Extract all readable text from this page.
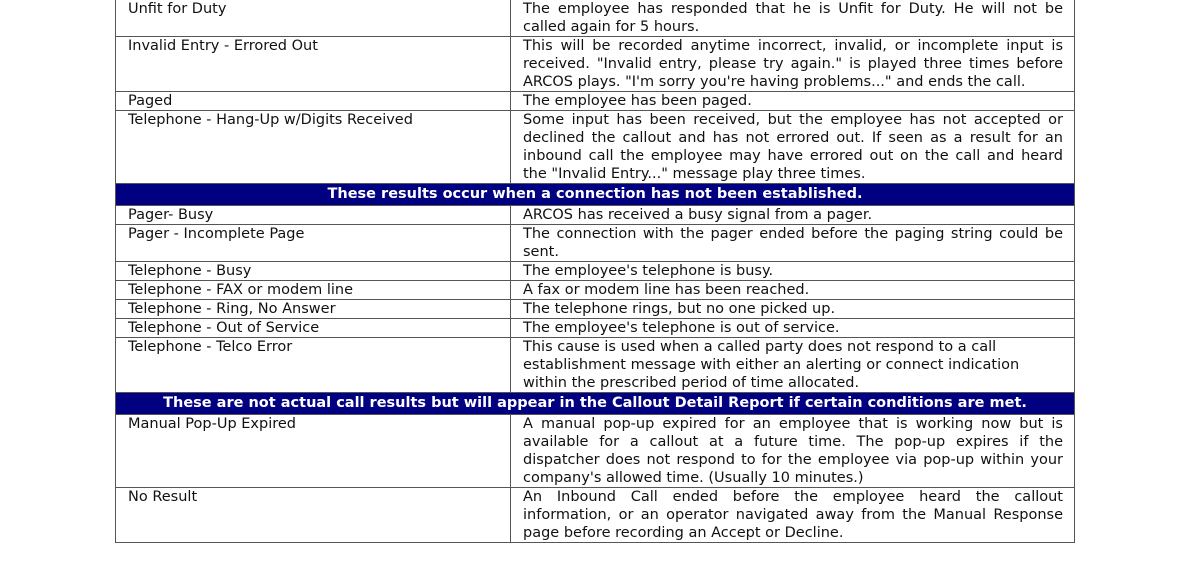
Unfit for Duty	The employee has responded that he is Unfit for Duty. He will not be called again for 5 hours.
Invalid Entry - Errored Out	This will be recorded anytime incorrect, invalid, or incomplete input is received. "Invalid entry, please try again." is played three times before ARCOS plays. "I'm sorry you're having problems..." and ends the call.
Paged	The employee has been paged.
Telephone - Hang-Up w/Digits Received	Some input has been received, but the employee has not accepted or declined the callout and has not errored out. If seen as a result for an inbound call the employee may have errored out on the call and heard the "Invalid Entry..." message play three times.
These results occur when a connection has not been established.	
Pager- Busy	ARCOS has received a busy signal from a pager.
Pager - Incomplete Page	The connection with the pager ended before the paging string could be sent.
Telephone - Busy	The employee's telephone is busy.
Telephone - FAX or modem line	A fax or modem line has been reached.
Telephone - Ring, No Answer	The telephone rings, but no one picked up.
Telephone - Out of Service	The employee's telephone is out of service.
Telephone - Telco Error	This cause is used when a called party does not respond to a call establishment message with either an alerting or connect indication within the prescribed period of time allocated.
These are not actual call results but will appear in the Callout Detail Report if certain conditions are met.	
Manual Pop-Up Expired	A manual pop-up expired for an employee that is working now but is available for a callout at a future time. The pop-up expires if the dispatcher does not respond to for the employee via pop-up within your company's allowed time. (Usually 10 minutes.)
No Result	An Inbound Call ended before the employee heard the callout information, or an operator navigated away from the Manual Response page before recording an Accept or Decline.
